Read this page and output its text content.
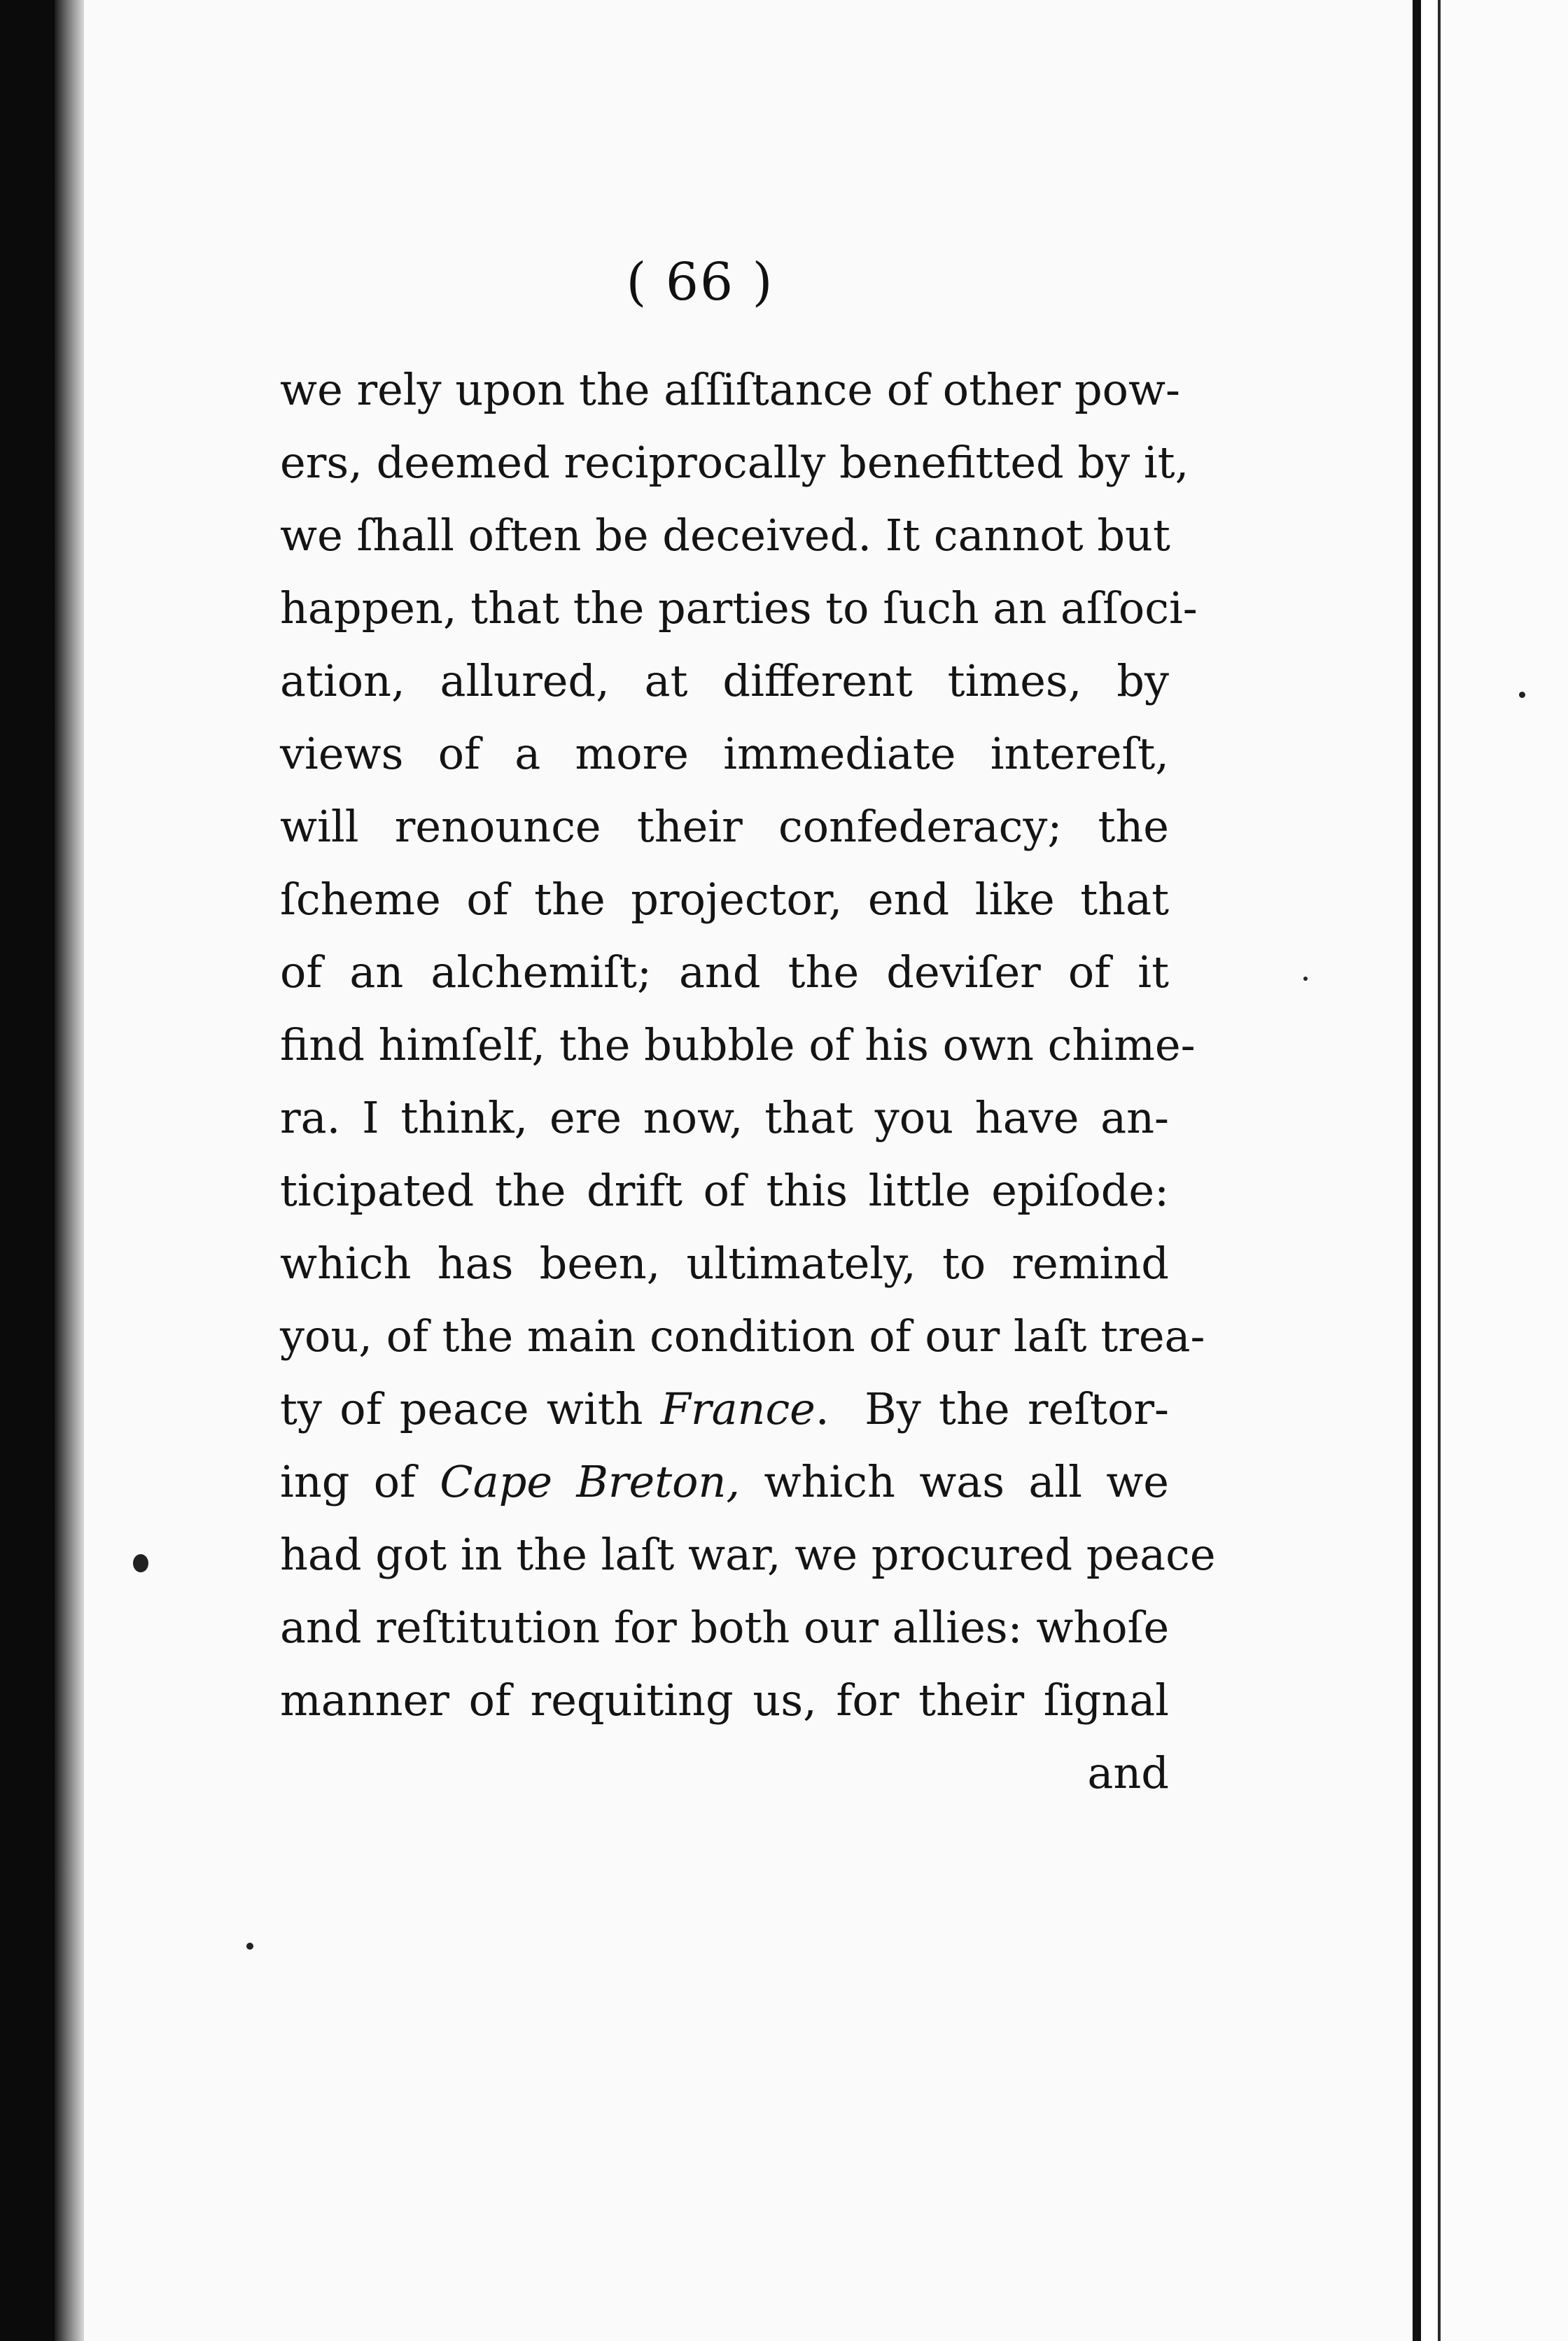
( 66 )
we rely upon the aſſiſtance of other pow-
ers, deemed reciprocally benefitted by it,
we ſhall often be deceived. It cannot but
happen, that the parties to ſuch an aſſoci-
ation, allured, at different times, by
views of a more immediate intereſt,
will renounce their confederacy; the
ſcheme of the projector, end like that
of an alchemiſt; and the deviſer of it
find himſelf, the bubble of his own chime-
ra. I think, ere now, that you have an-
ticipated the drift of this little epiſode:
which has been, ultimately, to remind
you, of the main condition of our laſt trea-
ty of peace with France.  By the reſtor-
ing of Cape Breton, which was all we
had got in the laſt war, we procured peace
and reſtitution for both our allies: whoſe
manner of requiting us, for their ſignal
and
